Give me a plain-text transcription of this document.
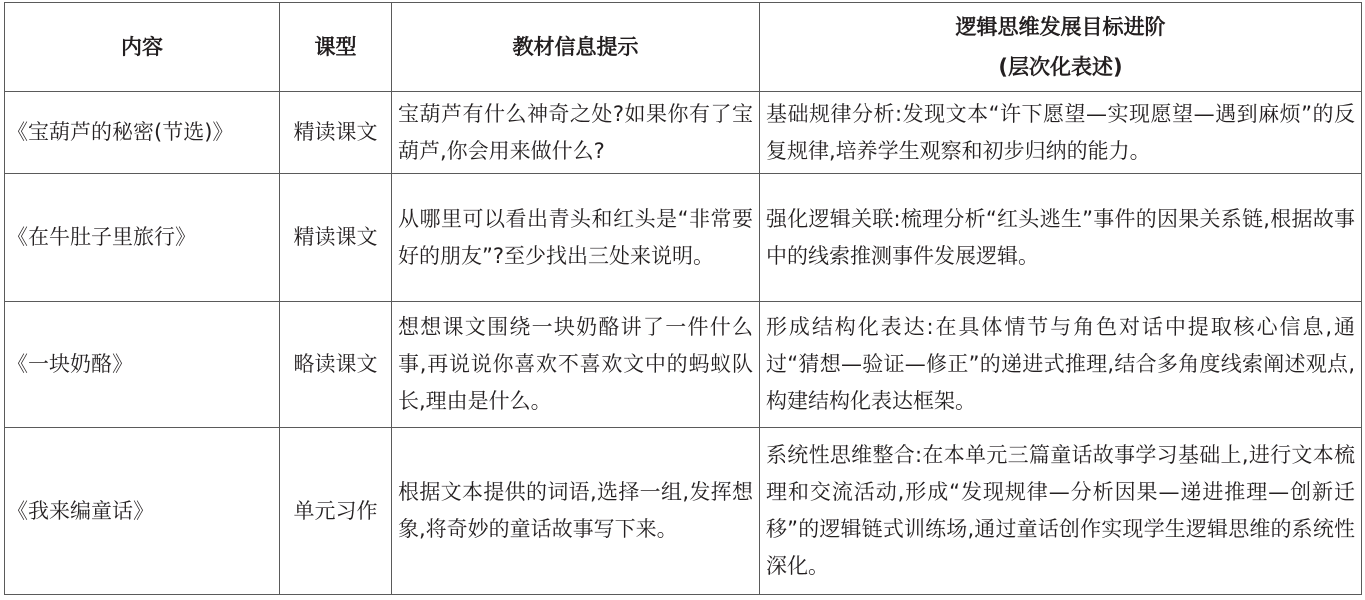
内容	课型	教材信息提示	逻辑思维发展目标进阶
(层次化表述)

《宝葫芦的秘密(节选)》	精读课文	宝葫芦有什么神奇之处?如果你有了宝葫芦,你会用来做什么?	基础规律分析:发现文本“许下愿望—实现愿望—遇到麻烦”的反复规律,培养学生观察和初步归纳的能力。
《在牛肚子里旅行》	精读课文	从哪里可以看出青头和红头是“非常要好的朋友”?至少找出三处来说明。	强化逻辑关联:梳理分析“红头逃生”事件的因果关系链,根据故事中的线索推测事件发展逻辑。
《一块奶酪》	略读课文	想想课文围绕一块奶酪讲了一件什么事,再说说你喜欢不喜欢文中的蚂蚁队长,理由是什么。	形成结构化表达:在具体情节与角色对话中提取核心信息,通过“猜想—验证—修正”的递进式推理,结合多角度线索阐述观点,构建结构化表达框架。
《我来编童话》	单元习作	根据文本提供的词语,选择一组,发挥想象,将奇妙的童话故事写下来。	系统性思维整合:在本单元三篇童话故事学习基础上,进行文本梳理和交流活动,形成“发现规律—分析因果—递进推理—创新迁移”的逻辑链式训练场,通过童话创作实现学生逻辑思维的系统性深化。
